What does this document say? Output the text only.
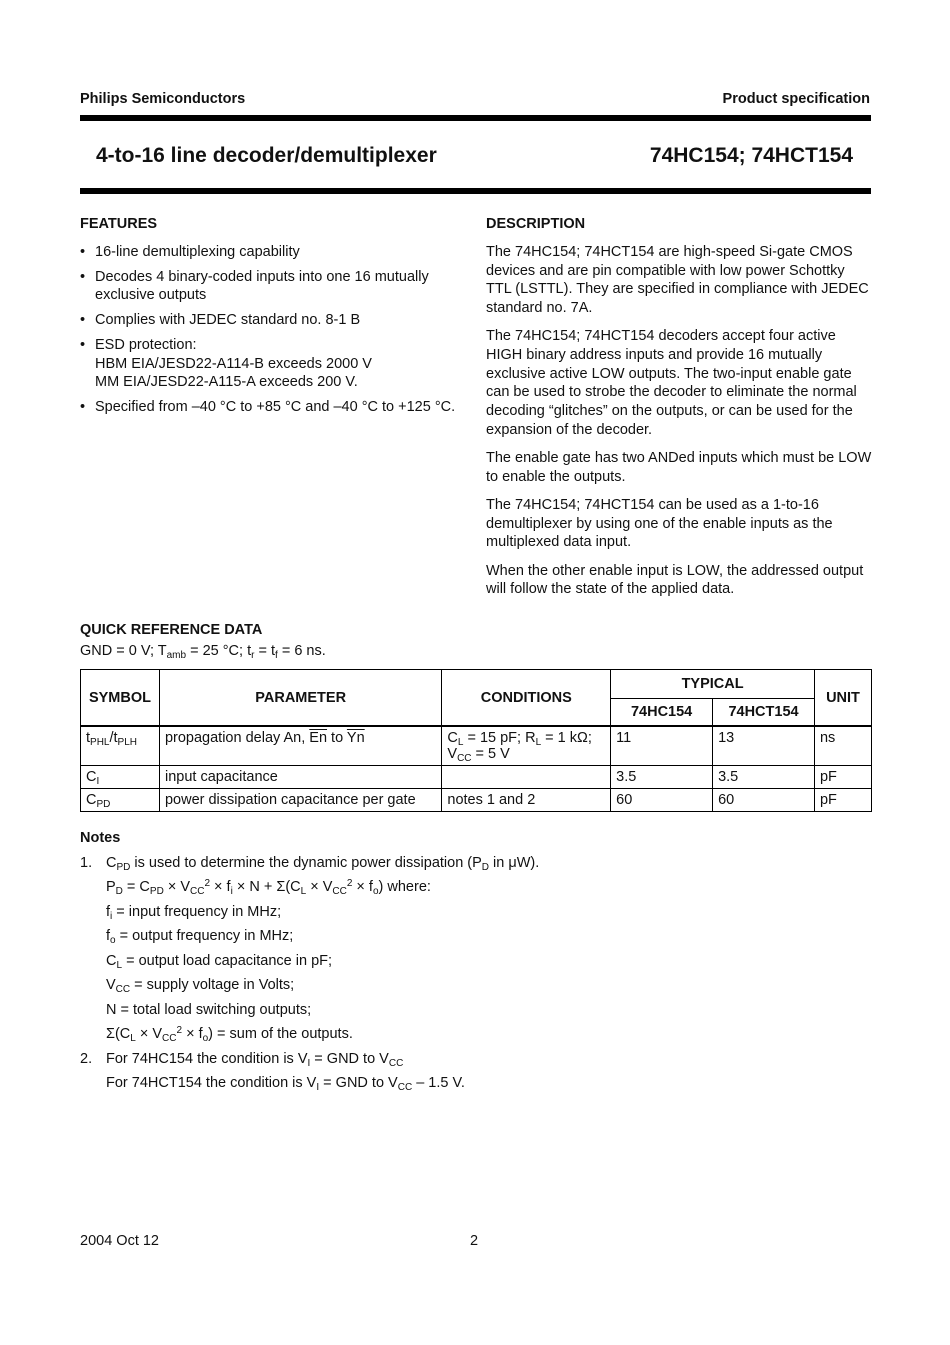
Philips Semiconductors	Product specification
4-to-16 line decoder/demultiplexer	74HC154; 74HCT154
FEATURES
• 16-line demultiplexing capability
• Decodes 4 binary-coded inputs into one 16 mutually exclusive outputs
• Complies with JEDEC standard no. 8-1 B
• ESD protection:
HBM EIA/JESD22-A114-B exceeds 2000 V
MM EIA/JESD22-A115-A exceeds 200 V.
• Specified from –40 °C to +85 °C and –40 °C to +125 °C.
DESCRIPTION

The 74HC154; 74HCT154 are high-speed Si-gate CMOS devices and are pin compatible with low power Schottky TTL (LSTTL). They are specified in compliance with JEDEC standard no. 7A.

The 74HC154; 74HCT154 decoders accept four active HIGH binary address inputs and provide 16 mutually exclusive active LOW outputs. The two-input enable gate can be used to strobe the decoder to eliminate the normal decoding “glitches” on the outputs, or can be used for the expansion of the decoder.

The enable gate has two ANDed inputs which must be LOW to enable the outputs.

The 74HC154; 74HCT154 can be used as a 1-to-16 demultiplexer by using one of the enable inputs as the multiplexed data input.

When the other enable input is LOW, the addressed output will follow the state of the applied data.

QUICK REFERENCE DATA
GND = 0 V; $T_{amb} = 25$ °C; $t_r = t_f = 6$ ns.
SYMBOL	PARAMETER	CONDITIONS	TYPICAL		UNIT
			74HC154	74HCT154	
$t_{PHL}/t_{PLH}$	propagation delay An, $\overline{En}$ to $\overline{Yn}$	$C_L = 15$ pF; $R_L = 1$ kΩ;
$V_{CC} = 5$ V	11	13	ns
$C_I$	input capacitance		3.5	3.5	pF
$C_{PD}$	power dissipation capacitance per gate	notes 1 and 2	60	60	pF
Notes
1. $C_{PD}$ is used to determine the dynamic power dissipation ($P_D$ in μW).
$P_D = C_{PD} \times V_{CC}^2 \times f_i \times N + \Sigma(C_L \times V_{CC}^2 \times f_o)$ where:
$f_i$ = input frequency in MHz;
$f_o$ = output frequency in MHz;
$C_L$ = output load capacitance in pF;
$V_{CC}$ = supply voltage in Volts;
N = total load switching outputs;
$\Sigma(C_L \times V_{CC}^2 \times f_o)$ = sum of the outputs.
2. For 74HC154 the condition is $V_I$ = GND to $V_{CC}$
For 74HCT154 the condition is $V_I$ = GND to $V_{CC} - 1.5$ V.
2004 Oct 12	2
